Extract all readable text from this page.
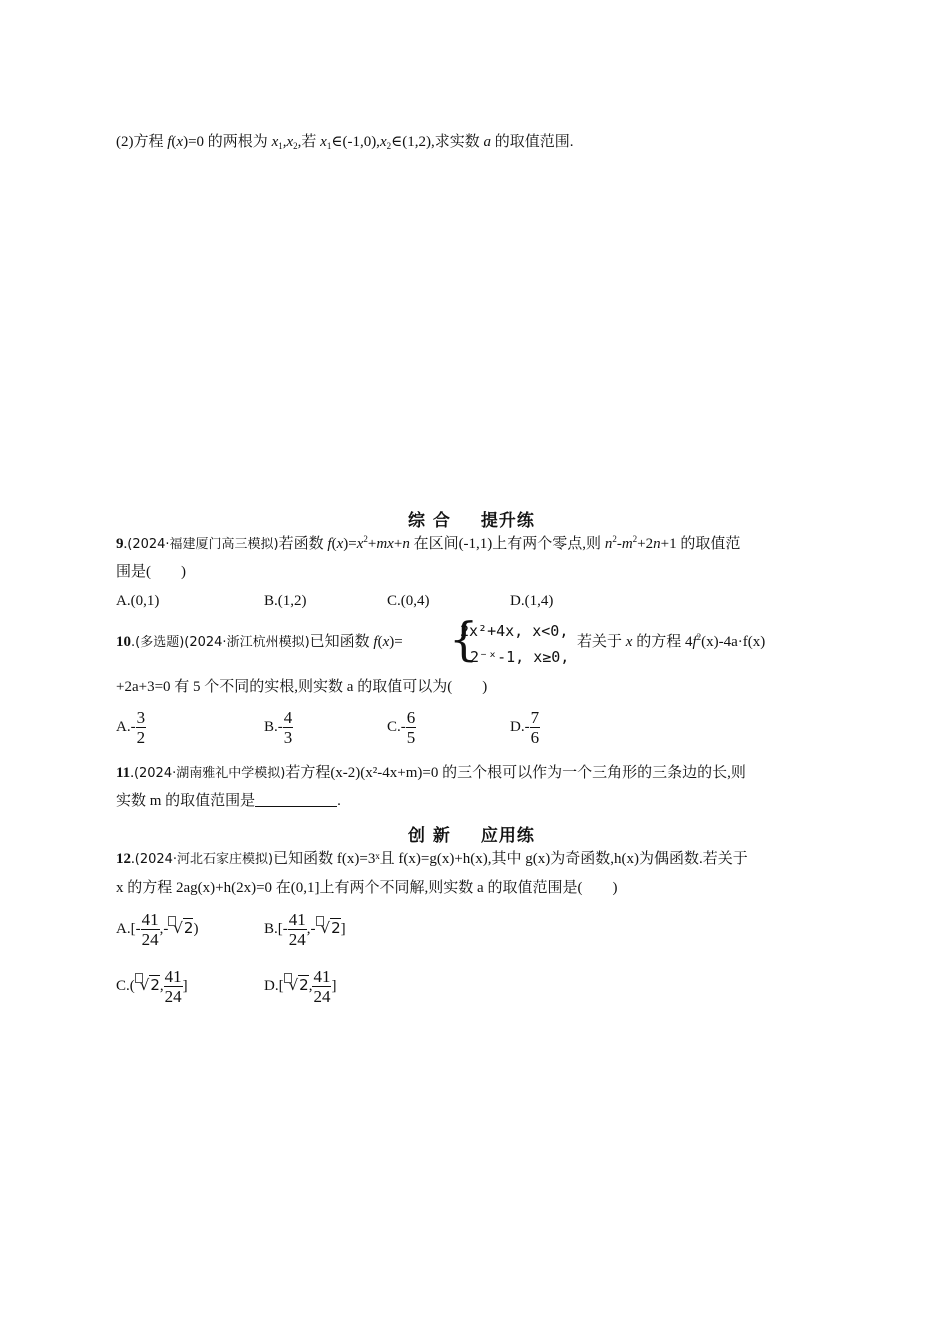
(2)方程 f(x)=0 的两根为 $x_1,x_2$,若 $x_1\in(-1,0),x_2\in(1,2)$,求实数 a 的取值范围.
综 合 提升练
9.(2024·福建厦门高三模拟)若函数 $f(x)=x^2+mx+n$ 在区间(-1,1)上有两个零点,则 $n^2-m^2+2n+1$ 的取值范
围是(  )
A.(0,1)	B.(1,2)	C.(0,4)	D.(1,4)
10.(多选题)(2024·浙江杭州模拟)已知函数 f(x)= {
2x²+4x, x<0,
2⁻ˣ-1, x≥0,
若关于 x 的方程 $4f^2(x)-4a\cdot f(x)$
+2a+3=0 有 5 个不同的实根,则实数 a 的取值可以为(  )
$A.- \frac{3}{2}$	$B.- \frac{4}{3}$	$C.- \frac{6}{5}$	$D.- \frac{7}{6}$
11.(2024·湖南雅礼中学模拟)若方程(x-2)(x²-4x+m)=0 的三个根可以作为一个三角形的三条边的长,则
实数 m 的取值范围是	.
创 新 应用练
12.(2024·河北石家庄模拟)已知函数 f(x)=3ˣ且 f(x)=g(x)+h(x),其中 g(x)为奇函数,h(x)为偶函数.若关于
x 的方程 2ag(x)+h(2x)=0 在(0,1]上有两个不同解,则实数 a 的取值范围是(  )
$A.[- \frac{41}{24}$ ,- √2)	$B.[- \frac{41}{24}$ ,- √2]
C.( √2, $\frac{41}{24}$ ]	D.[ √2, $\frac{41}{24}$ ]
